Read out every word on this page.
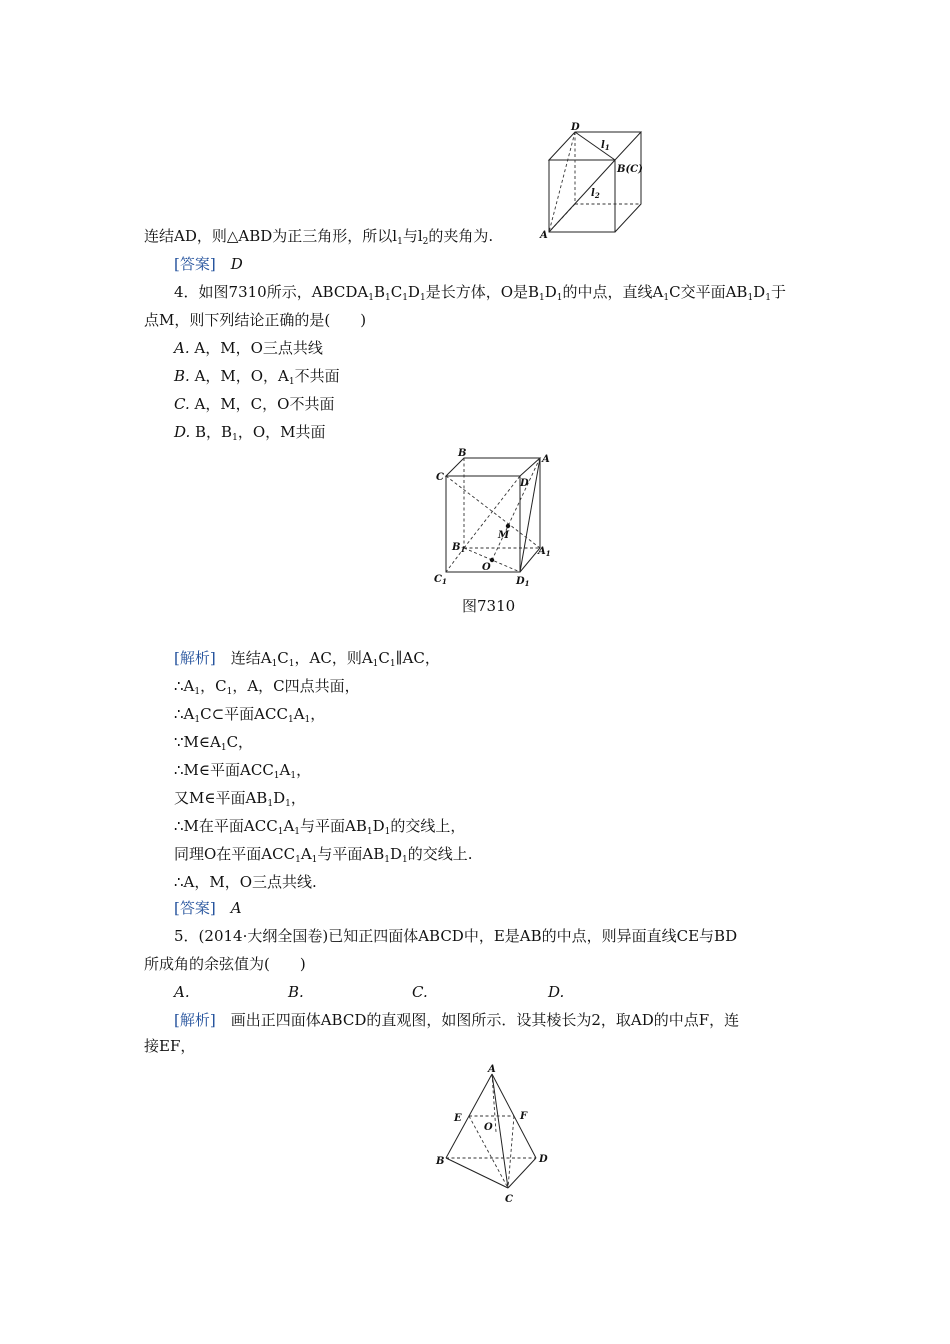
D
$l_1$
B(C)
$l_2$
A
连结AD，则△ABD为正三角形，所以$l_1$与$l_2$的夹角为.
[答案]　 D
4．如图7310所示，$ABCDA_1B_1C_1D_1$是长方体，O是$B_1D_1$的中点，直线$A_1C$交平面$AB_1D_1$于
点M，则下列结论正确的是(　　)
A. A，M，O三点共线
B. A，M，O，$A_1$不共面
C. A，M，C，O不共面
D. B，$B_1$，O，M共面
B
A
C
D
M
$B_1$	$A_1$
O
$C_1$	$D_1$
图7310
[解析]　连结$A_1C_1$，AC，则$A_1C_1\parallel AC$，
$\therefore A_1$，$C_1$，A，C四点共面，
$\therefore A_1C\subset$平面$ACC_1A_1$，
$\because M\in A_1C$，
∴M∈平面$ACC_1A_1$，
又M∈平面$AB_1D_1$，
∴M在平面$ACC_1A_1$与平面$AB_1D_1$的交线上，
同理O在平面$ACC_1A_1$与平面$AB_1D_1$的交线上.
∴A，M，O三点共线.
[答案]　 A
5．(2014·大纲全国卷)已知正四面体ABCD中，E是AB的中点，则异面直线CE与BD
所成角的余弦值为(　　)
A.	B.	C.	D.
[解析]　画出正四面体ABCD的直观图，如图所示．设其棱长为2，取AD的中点F，连
接EF，
A
E	F
O
B	D
C
